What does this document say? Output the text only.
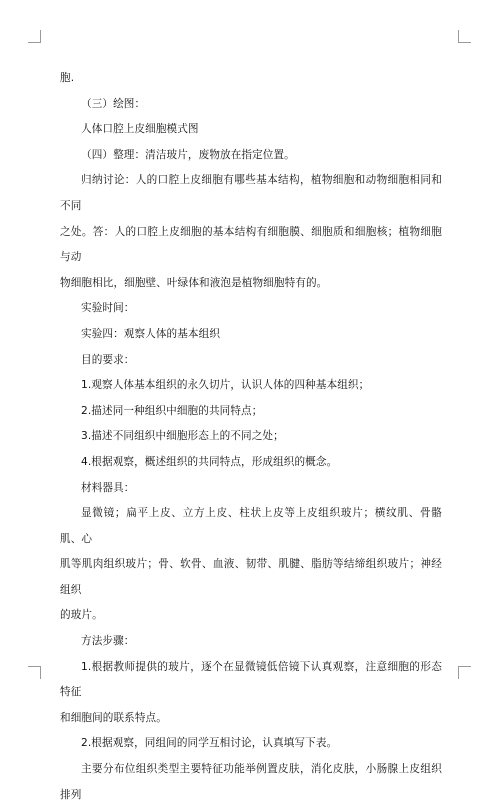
胞.

（三）绘图：

人体口腔上皮细胞模式图

（四）整理：清洁玻片，废物放在指定位置。

归纳讨论：人的口腔上皮细胞有哪些基本结构，植物细胞和动物细胞相同和不同

之处。答：人的口腔上皮细胞的基本结构有细胞膜、细胞质和细胞核；植物细胞与动

物细胞相比，细胞壁、叶绿体和液泡是植物细胞特有的。

实验时间：

实验四：观察人体的基本组织

目的要求：

1.观察人体基本组织的永久切片，认识人体的四种基本组织；

2.描述同一种组织中细胞的共同特点；

3.描述不同组织中细胞形态上的不同之处；

4.根据观察，概述组织的共同特点，形成组织的概念。

材料器具：

显微镜；扁平上皮、立方上皮、柱状上皮等上皮组织玻片；横纹肌、骨骼肌、心

肌等肌肉组织玻片；骨、软骨、血液、韧带、肌腱、脂肪等结缔组织玻片；神经组织

的玻片。

方法步骤：

1.根据教师提供的玻片，逐个在显微镜低倍镜下认真观察，注意细胞的形态特征

和细胞间的联系特点。

2.根据观察，同组间的同学互相讨论，认真填写下表。

主要分布位组织类型主要特征功能举例置皮肤，消化皮肤，小肠腺上皮组织排列
